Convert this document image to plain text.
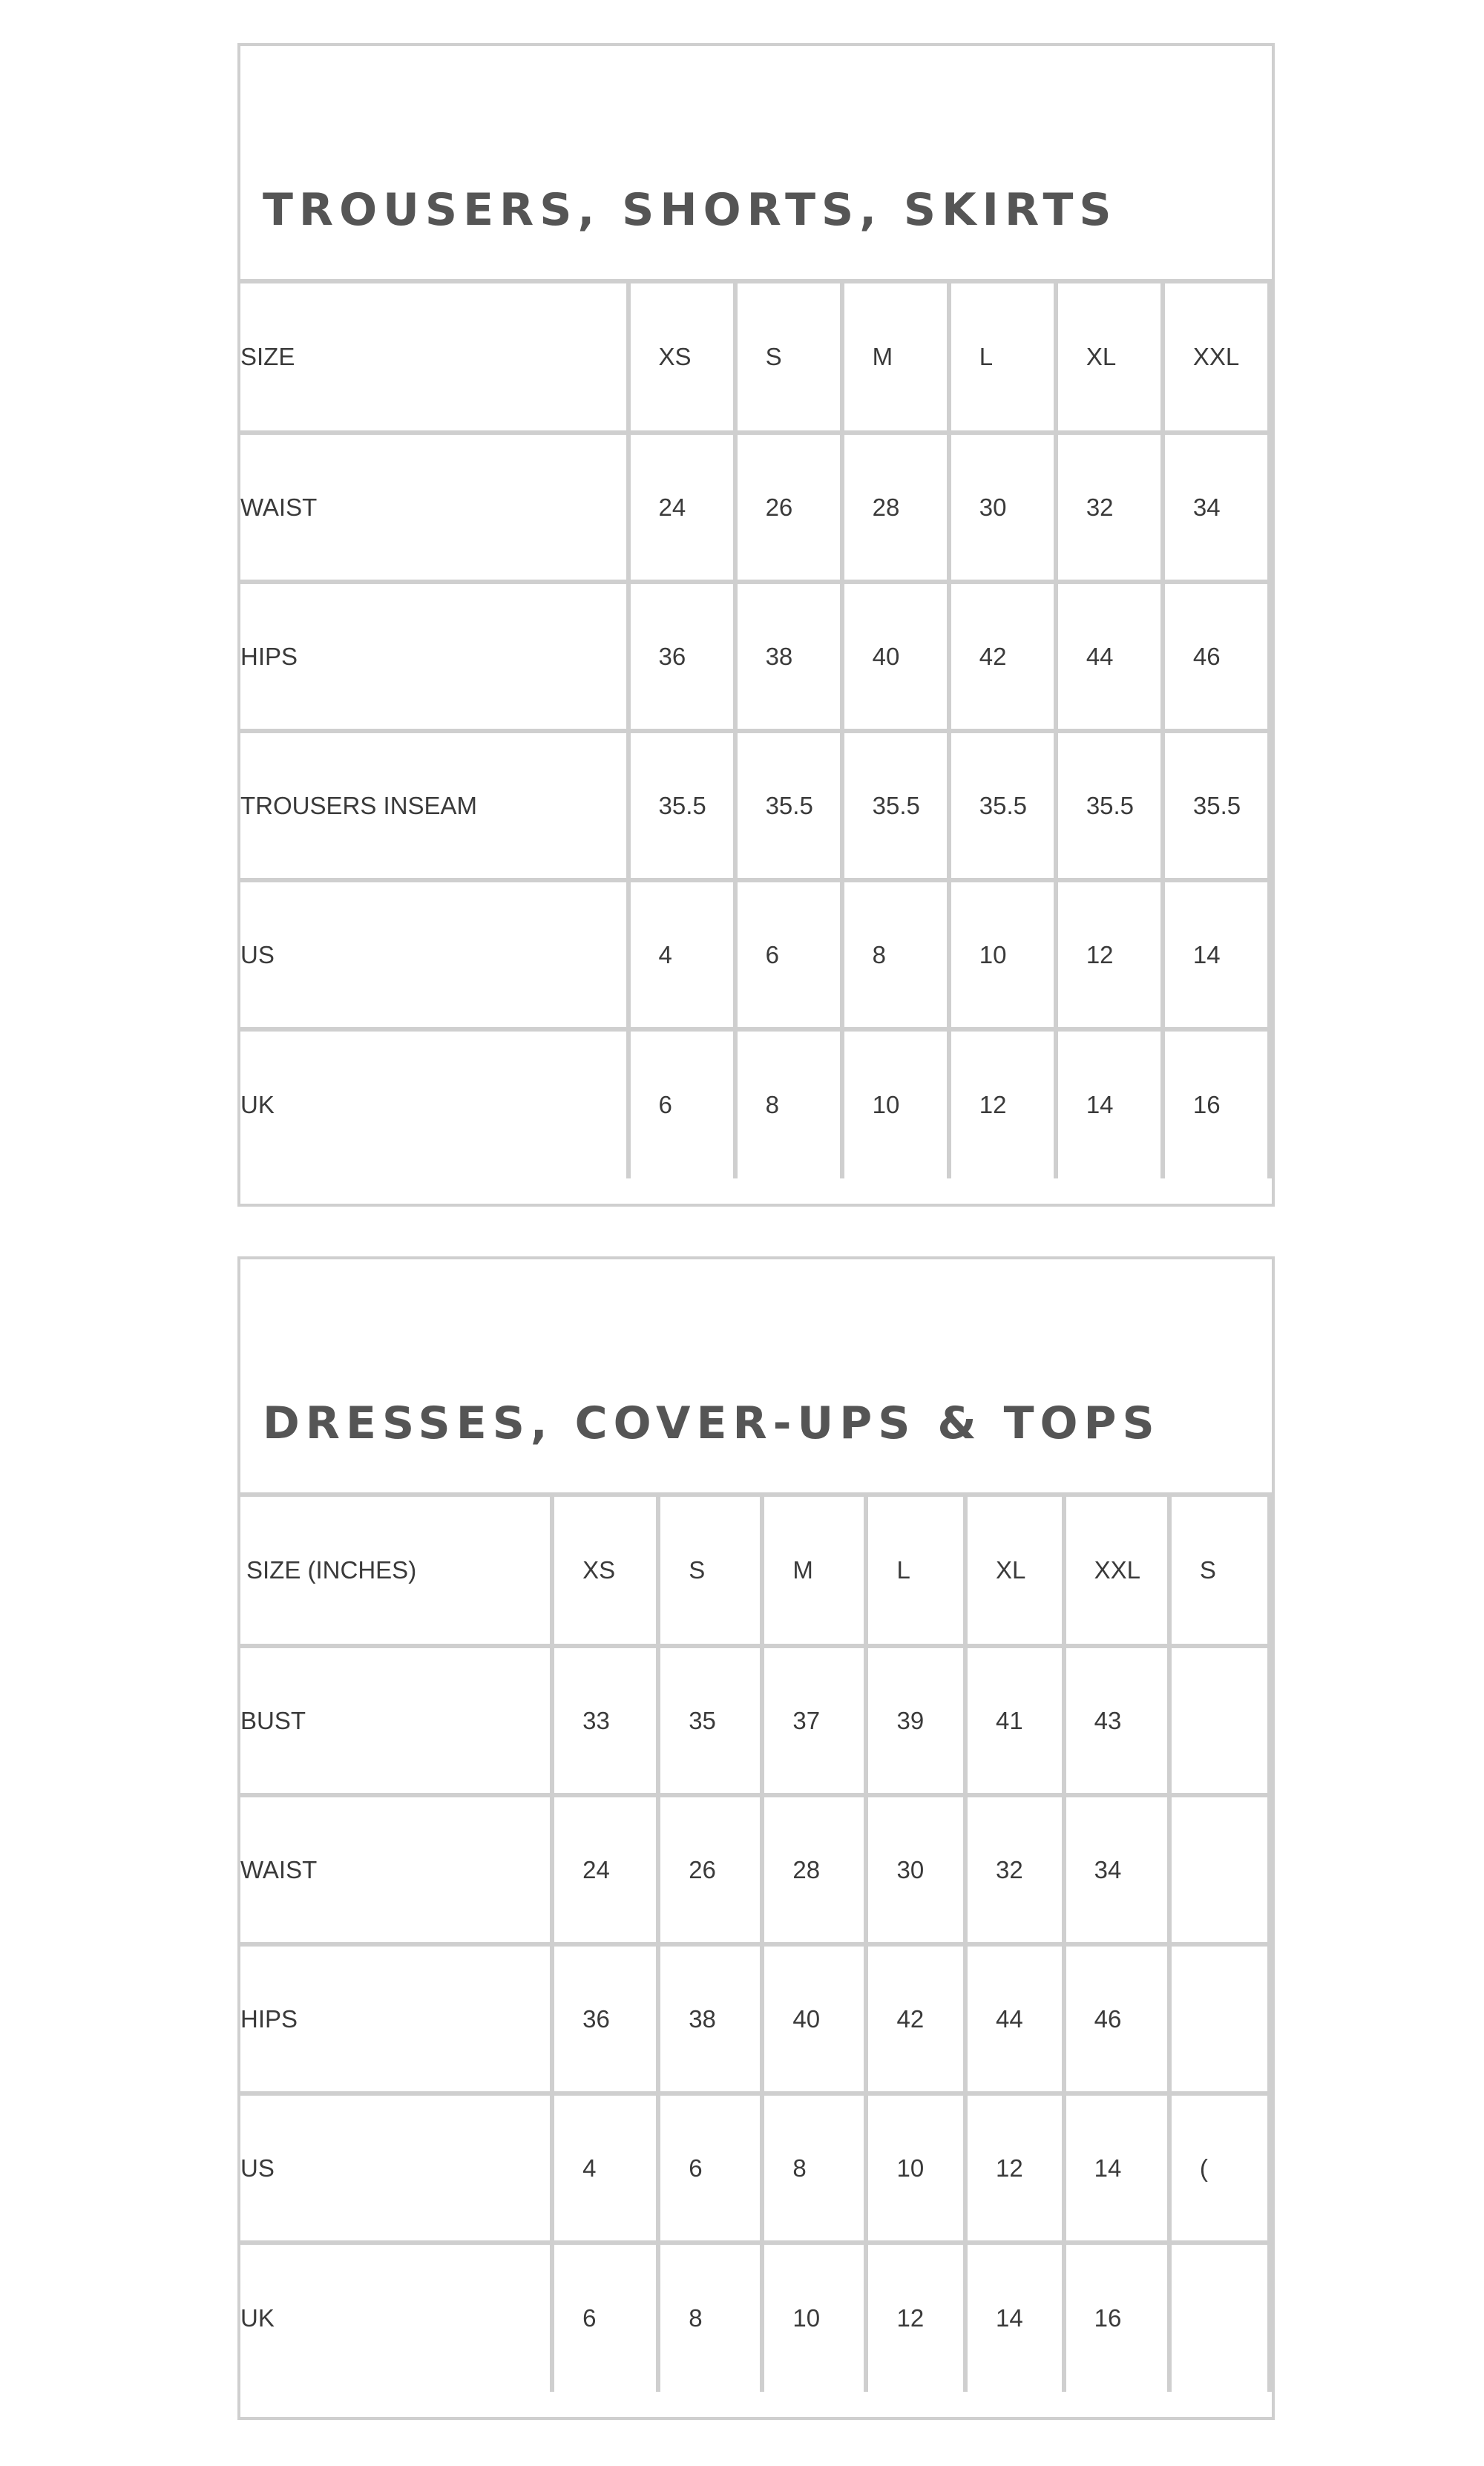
TROUSERS, SHORTS, SKIRTS
SIZE	XS	S	M	L	XL	XXL
WAIST	24	26	28	30	32	34
HIPS	36	38	40	42	44	46
TROUSERS INSEAM	35.5	35.5	35.5	35.5	35.5	35.5
US	4	6	8	10	12	14
UK	6	8	10	12	14	16
DRESSES, COVER-UPS & TOPS
SIZE (INCHES)	XS	S	M	L	XL	XXL	S
BUST	33	35	37	39	41	43	
WAIST	24	26	28	30	32	34	
HIPS	36	38	40	42	44	46	
US	4	6	8	10	12	14	(
UK	6	8	10	12	14	16	
